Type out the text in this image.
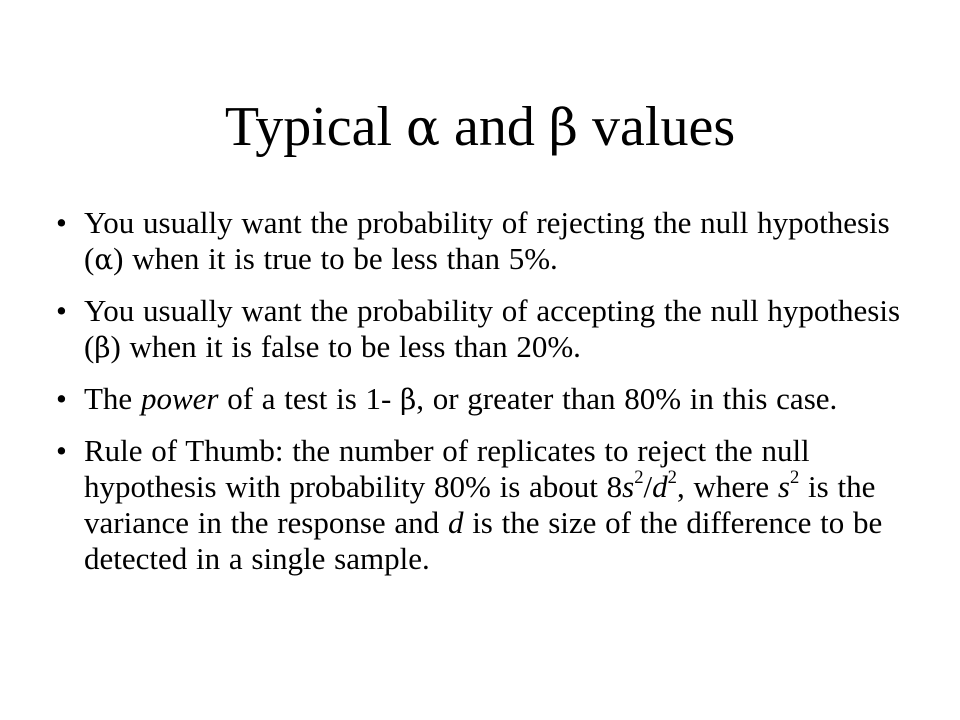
Typical α and β values
• You usually want the probability of rejecting the null hypothesis (α) when it is true to be less than 5%.
• You usually want the probability of accepting the null hypothesis (β) when it is false to be less than 20%.
• The power of a test is 1- β, or greater than 80% in this case.
• Rule of Thumb: the number of replicates to reject the null hypothesis with probability 80% is about $8s^2/d^2$, where $s^2$ is the variance in the response and d is the size of the difference to be detected in a single sample.
